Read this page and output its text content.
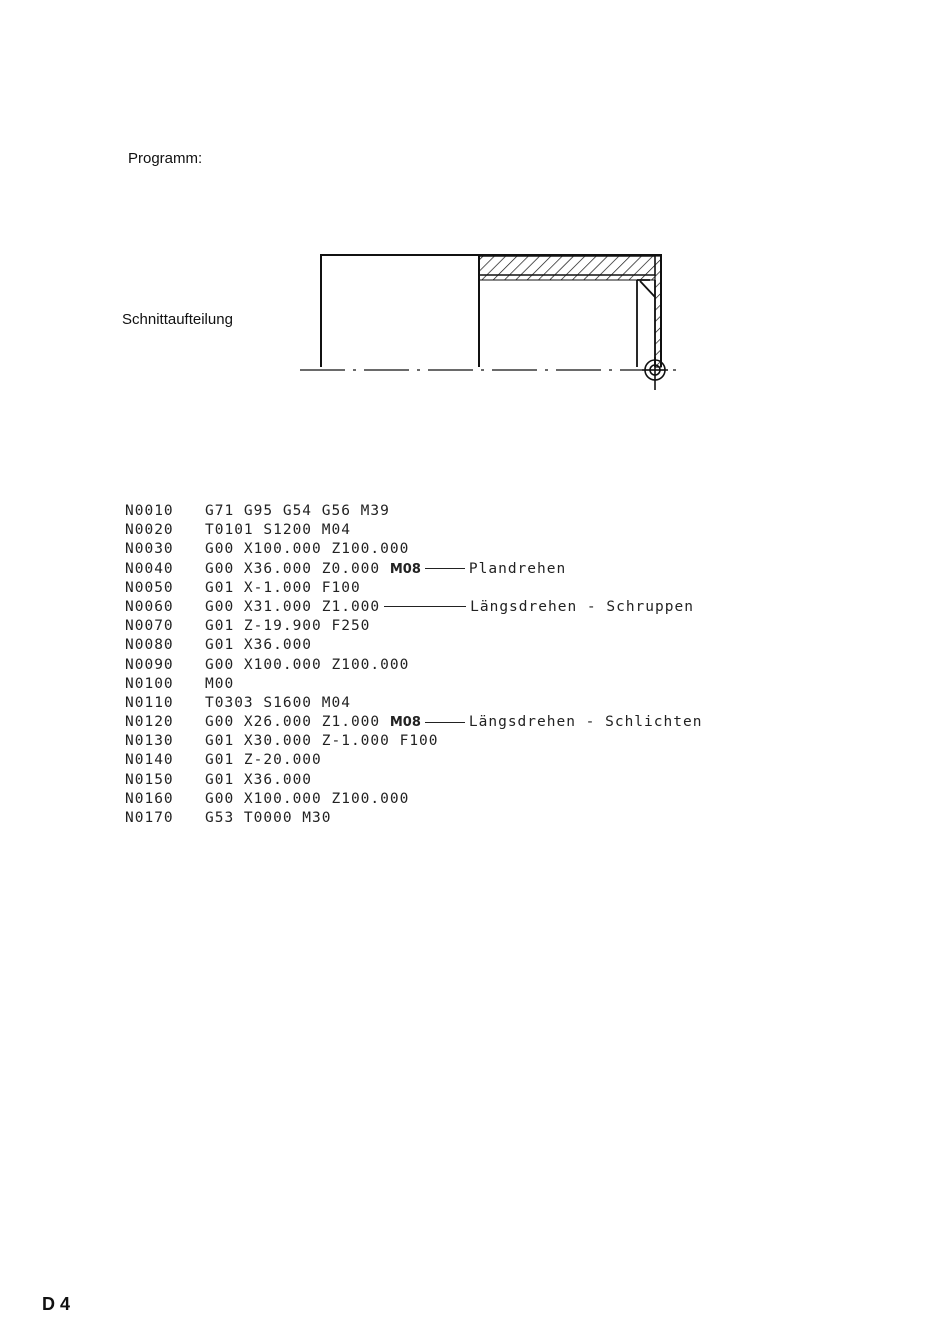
Programm:
Schnittaufteilung
N0010 G71 G95 G54 G56 M39
N0020 T0101 S1200 M04
N0030 G00 X100.000 Z100.000
N0040 G00 X36.000 Z0.000 M08	Plandrehen
N0050 G01 X-1.000 F100
N0060 G00 X31.000 Z1.000	Längsdrehen - Schruppen
N0070 G01 Z-19.900 F250
N0080 G01 X36.000
N0090 G00 X100.000 Z100.000
N0100 M00
N0110 T0303 S1600 M04
N0120 G00 X26.000 Z1.000 M08	Längsdrehen - Schlichten
N0130 G01 X30.000 Z-1.000 F100
N0140 G01 Z-20.000
N0150 G01 X36.000
N0160 G00 X100.000 Z100.000
N0170 G53 T0000 M30
D 4
